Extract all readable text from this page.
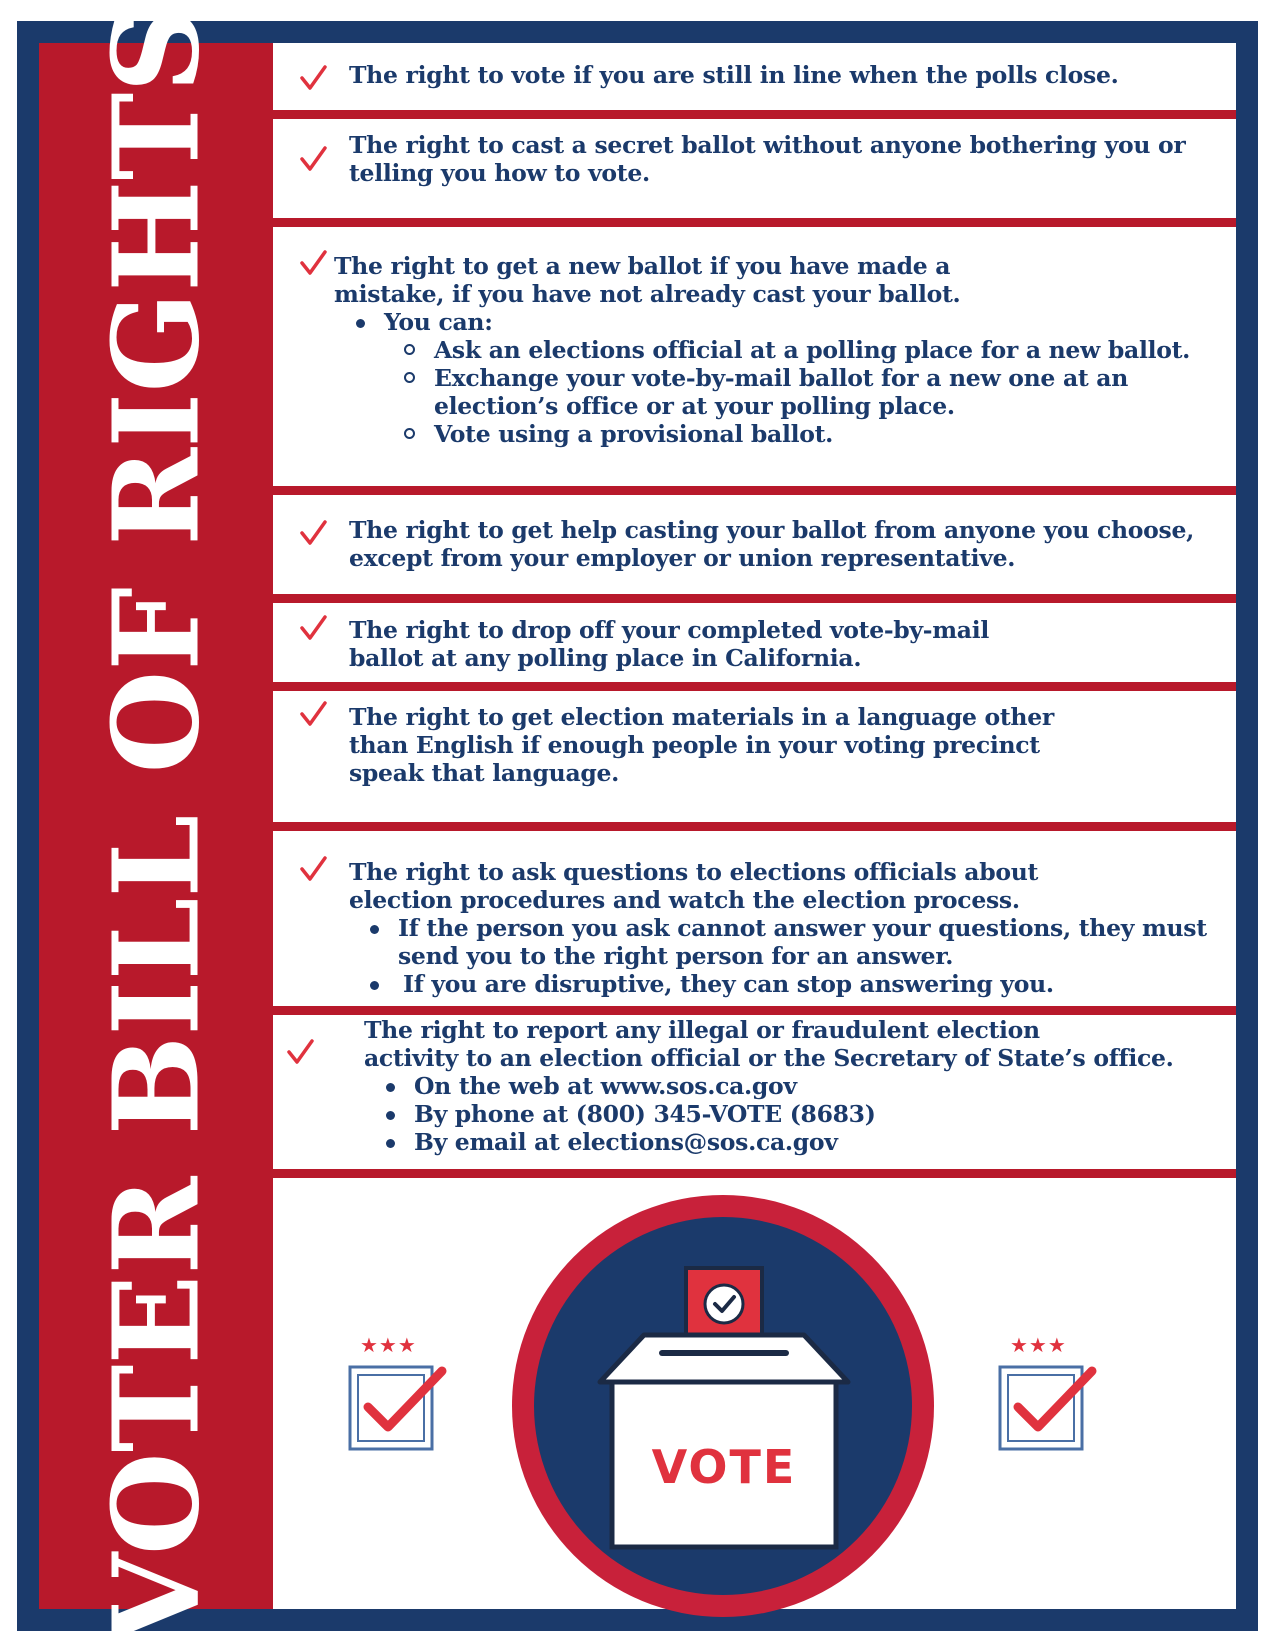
VOTER BILL OF RIGHTS	The right to vote if you are still in line when the polls close.

The right to cast a secret ballot without anyone bothering you or

telling you how to vote.

The right to get a new ballot if you have made a

mistake, if you have not already cast your ballot.

You can:

Ask an elections official at a polling place for a new ballot.

Exchange your vote-by-mail ballot for a new one at an

election’s office or at your polling place.

Vote using a provisional ballot.

The right to get help casting your ballot from anyone you choose,

except from your employer or union representative.

The right to drop off your completed vote-by-mail

ballot at any polling place in California.

The right to get election materials in a language other

than English if enough people in your voting precinct

speak that language.

The right to ask questions to elections officials about

election procedures and watch the election process.

If the person you ask cannot answer your questions, they must

send you to the right person for an answer.

If you are disruptive, they can stop answering you.

The right to report any illegal or fraudulent election

activity to an election official or the Secretary of State’s office.

On the web at www.sos.ca.gov

By phone at (800) 345-VOTE (8683)

By email at elections@sos.ca.gov

VOTE
★★★	★★★
